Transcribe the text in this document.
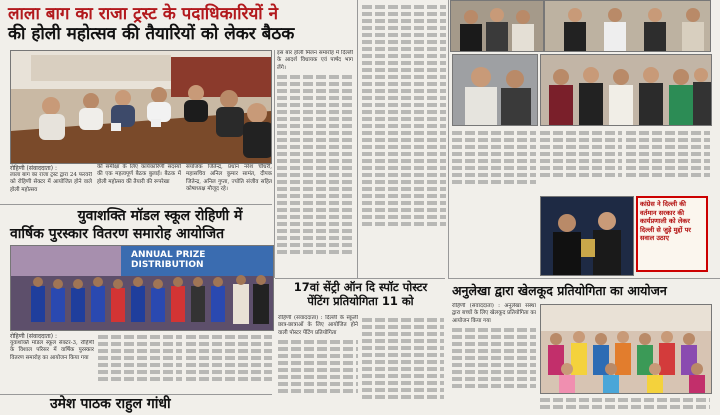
लाला बाग का राजा ट्रस्ट के पदाधिकारियों ने
की होली महोत्सव की तैयारियों को लेकर बैठक
रोहिणी (संवाददाता) :
लाला बाग का राजा ट्रस्ट द्वारा 24 फरवरी को रोहिणी सेक्टर में आयोजित होने वाले होली महोत्सव
की समीक्षा के लिए कार्यकारिणी सदस्यों की एक महत्वपूर्ण बैठक बुलाई। बैठक में होली महोत्सव की तैयारी की रूपरेखा
संयोजक जितेन्द्र, प्रधान नरेश चौधरी, महासचिव अनिल कुमार सामंत, दीपक जितेन्द्र, अनिल गुप्ता, ज्योति संजीव सहित कोषाध्यक्ष मौजूद रहे।
इस बार होली मिलन समारोह में दिल्ली के आदर्श विधायक एवं पार्षद भाग लेंगे।
युवाशक्ति मॉडल स्कूल रोहिणी में
वार्षिक पुरस्कार वितरण समारोह आयोजित
ANNUAL PRIZE DISTRIBUTION
रोहिणी (संवाददाता) :
युवाशक्ति मॉडल स्कूल सेक्टर-3, रोहिणी के विशाल परिसर में वार्षिक पुरस्कार वितरण समारोह का आयोजन किया गया
उमेश पाठक राहुल गांधी
17वां सेंट्री ऑन दि स्पॉट पोस्टर
पेंटिंग प्रतियोगिता 11 को
रोहिणी (संवाददाता) : दिल्ली के स्कूली छात्र-छात्राओं के लिए आयोजित होने वाली पोस्टर पेंटिंग प्रतियोगिता
कांग्रेस ने दिल्ली की वर्तमान सरकार की कार्यप्रणाली को लेकर दिल्ली से जुड़े मुद्दों पर सवाल उठाए
अनुलेखा द्वारा खेलकूद प्रतियोगिता का आयोजन
रोहिणी (संवाददाता) : अनुलेखा संस्था द्वारा बच्चों के लिए खेलकूद प्रतियोगिता का आयोजन किया गया
